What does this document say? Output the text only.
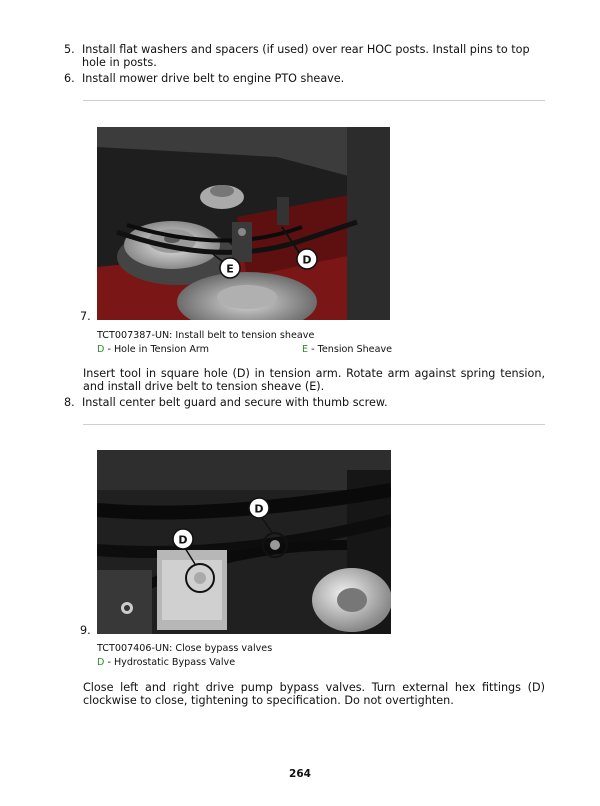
5. Install flat washers and spacers (if used) over rear HOC posts. Install pins to top hole in posts.
6. Install mower drive belt to engine PTO sheave.
D
E
7.
TCT007387-UN: Install belt to tension sheave
D - Hole in Tension Arm	E - Tension Sheave
Insert tool in square hole (D) in tension arm. Rotate arm against spring tension, and install drive belt to tension sheave (E).
8. Install center belt guard and secure with thumb screw.
D
D
9.
TCT007406-UN: Close bypass valves
D - Hydrostatic Bypass Valve
Close left and right drive pump bypass valves. Turn external hex fittings (D) clockwise to close, tightening to specification. Do not overtighten.
264
